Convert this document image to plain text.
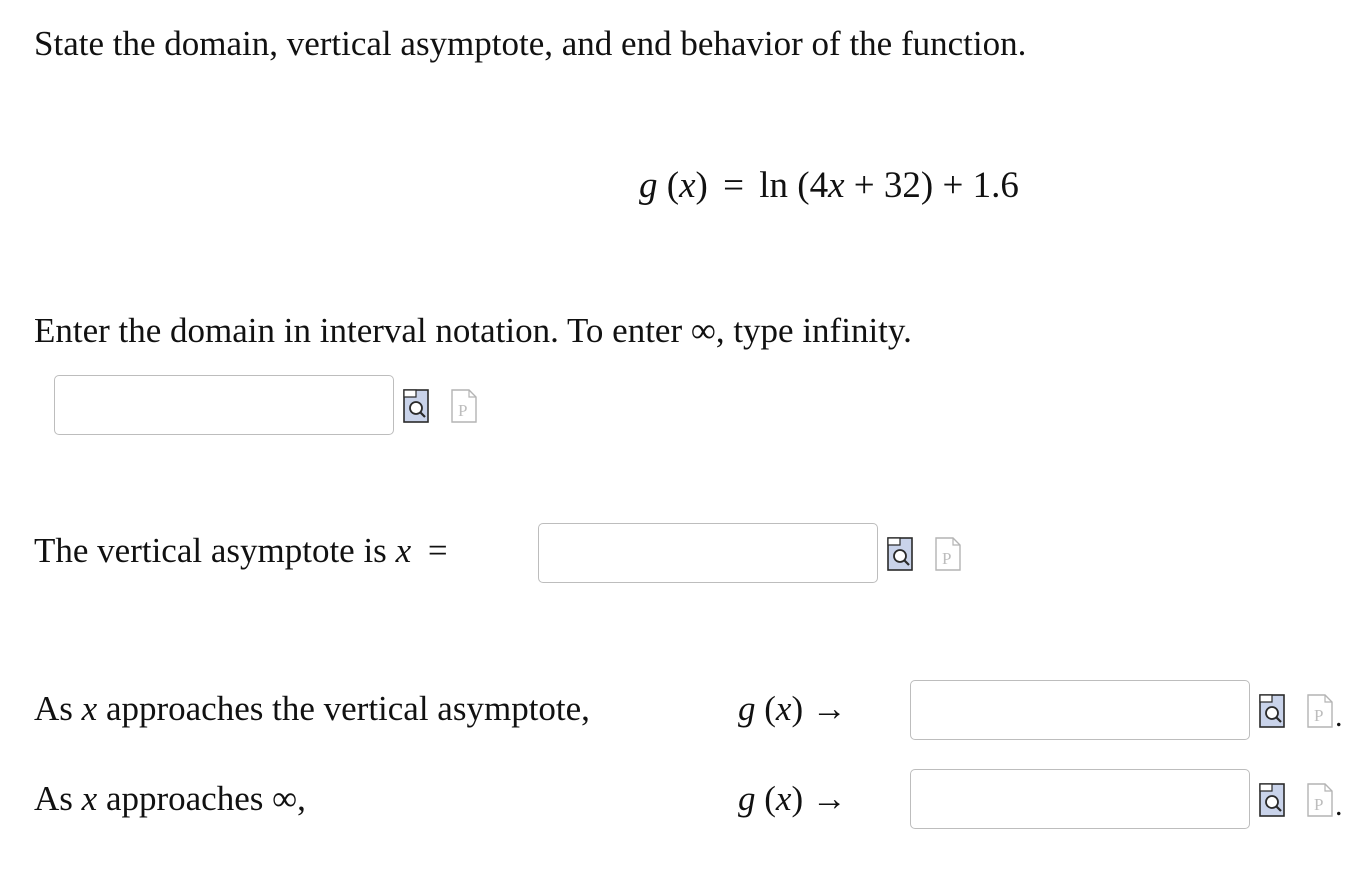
State the domain, vertical asymptote, and end behavior of the function.
g (x) = ln (4x + 32) + 1.6
Enter the domain in interval notation. To enter ∞, type infinity.
P
The vertical asymptote is x =	P
As x approaches the vertical asymptote,	g (x) →	P .
As x approaches ∞,	g (x) →	P .
